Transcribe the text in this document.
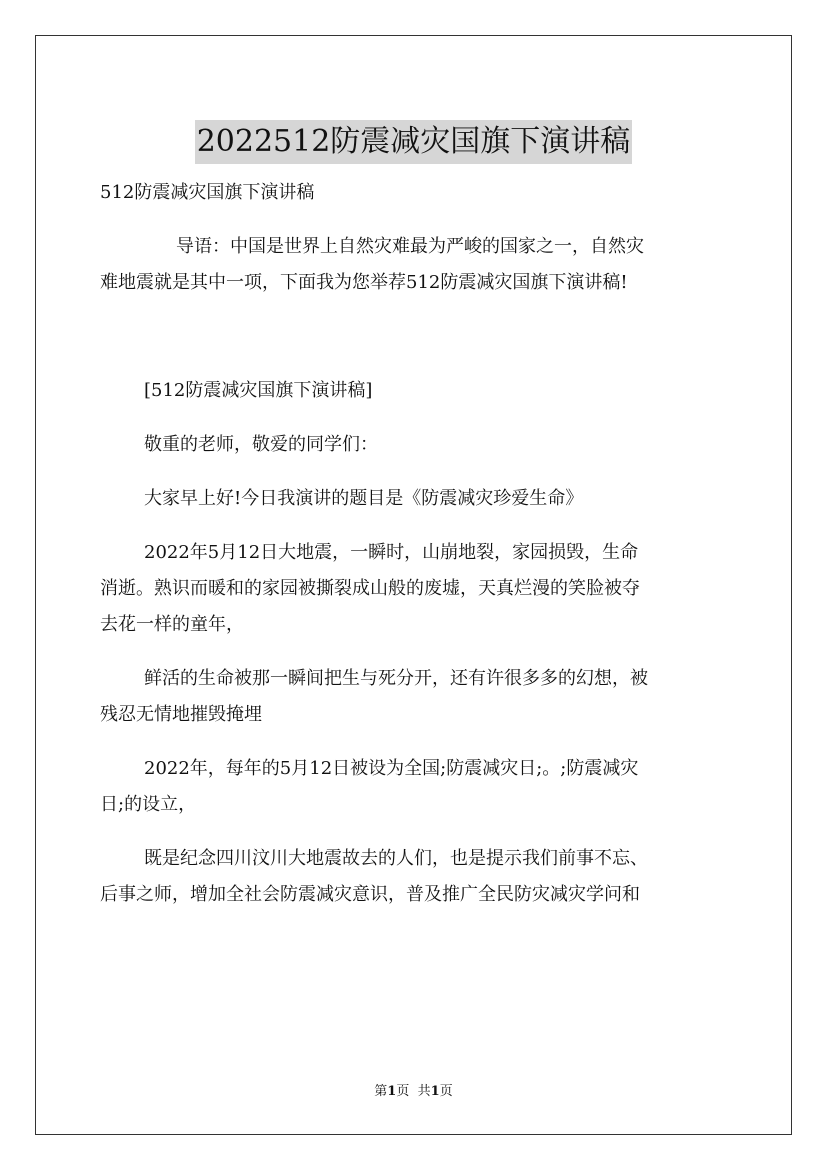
2022512防震减灾国旗下演讲稿

512防震减灾国旗下演讲稿

导语：中国是世界上自然灾难最为严峻的国家之一，自然灾

难地震就是其中一项，下面我为您举荐512防震减灾国旗下演讲稿!

[512防震减灾国旗下演讲稿]

敬重的老师，敬爱的同学们：

大家早上好!今日我演讲的题目是《防震减灾珍爱生命》

2022年5月12日大地震，一瞬时，山崩地裂，家园损毁，生命

消逝。熟识而暖和的家园被撕裂成山般的废墟，天真烂漫的笑脸被夺

去花一样的童年，

鲜活的生命被那一瞬间把生与死分开，还有许很多多的幻想，被

残忍无情地摧毁掩埋

2022年，每年的5月12日被设为全国;防震减灾日;。;防震减灾

日;的设立，

既是纪念四川汶川大地震故去的人们，也是提示我们前事不忘、

后事之师，增加全社会防震减灾意识，普及推广全民防灾减灾学问和

第1页 共1页
